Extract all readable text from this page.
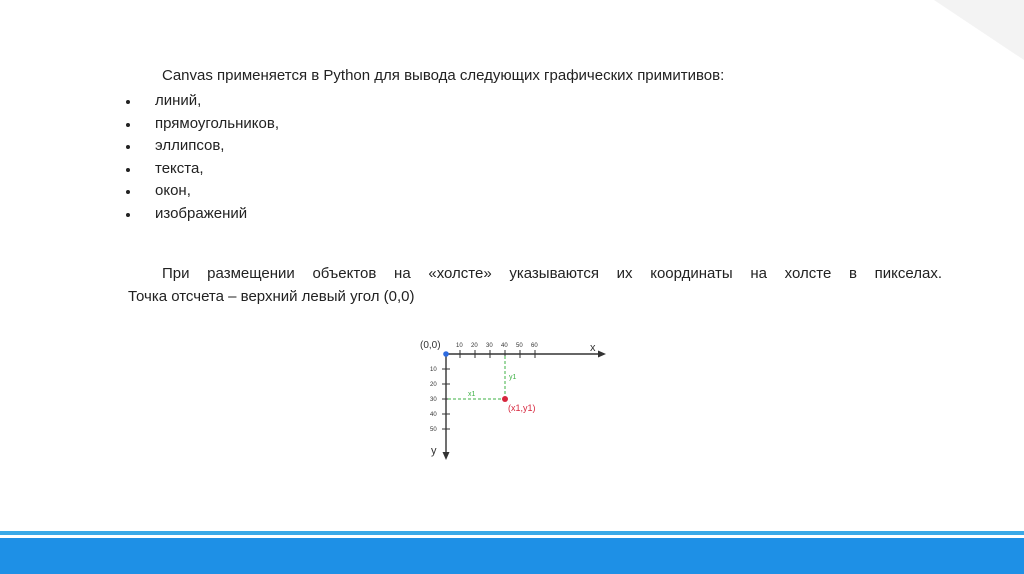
Canvas применяется в Python для вывода следующих графических примитивов:
линий,
прямоугольников,
эллипсов,
текста,
окон,
изображений
При размещении объектов на «холсте» указываются их координаты на холсте в пикселах.
Точка отсчета – верхний левый угол (0,0)
10 20 30 40 50 60
10
20
30
40
50
(0,0)	x
y
y1
x1
(x1,y1)
